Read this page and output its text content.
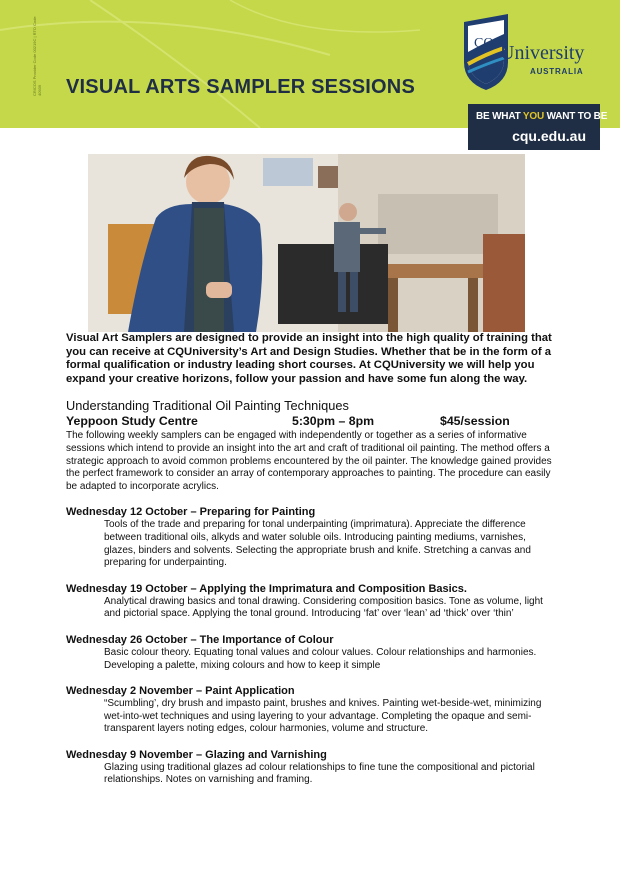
CRICOS Provider Code 00219C | RTO Code 40939 VISUAL ARTS SAMPLER SESSIONS
CQ University
AUSTRALIA
BE WHAT YOU WANT TO BE
cqu.edu.au

Visual Art Samplers are designed to provide an insight into the high quality of training that you can receive at CQUniversity’s Art and Design Studies. Whether that be in the form of a formal qualification or industry leading short courses. At CQUniversity we will help you expand your creative horizons, follow your passion and have some fun along the way.

Understanding Traditional Oil Painting Techniques
Yeppoon Study Centre	5:30pm – 8pm	$45/session

The following weekly samplers can be engaged with independently or together as a series of informative sessions which intend to provide an insight into the art and craft of traditional oil painting. The method offers a strategic approach to avoid common problems encountered by the oil painter. The knowledge gained provides the perfect framework to consider an array of contemporary approaches to painting. The procedure can easily be adapted to incorporate acrylics.

Wednesday 12 October – Preparing for Painting

Tools of the trade and preparing for tonal underpainting (imprimatura). Appreciate the difference between traditional oils, alkyds and water soluble oils. Introducing painting mediums, varnishes, glazes, binders and solvents. Selecting the appropriate brush and knife. Stretching a canvas and preparing for underpainting.

Wednesday 19 October – Applying the Imprimatura and Composition Basics.

Analytical drawing basics and tonal drawing. Considering composition basics. Tone as volume, light and pictorial space. Applying the tonal ground. Introducing ‘fat’ over ‘lean’ ad ‘thick’ over ‘thin’

Wednesday 26 October – The Importance of Colour

Basic colour theory. Equating tonal values and colour values. Colour relationships and harmonies. Developing a palette, mixing colours and how to keep it simple

Wednesday 2 November – Paint Application

“Scumbling’, dry brush and impasto paint, brushes and knives. Painting wet-beside-wet, minimizing wet-into-wet techniques and using layering to your advantage. Completing the opaque and semi-transparent layers noting edges, colour harmonies, volume and structure.

Wednesday 9 November – Glazing and Varnishing

Glazing using traditional glazes ad colour relationships to fine tune the compositional and pictorial relationships. Notes on varnishing and framing.
